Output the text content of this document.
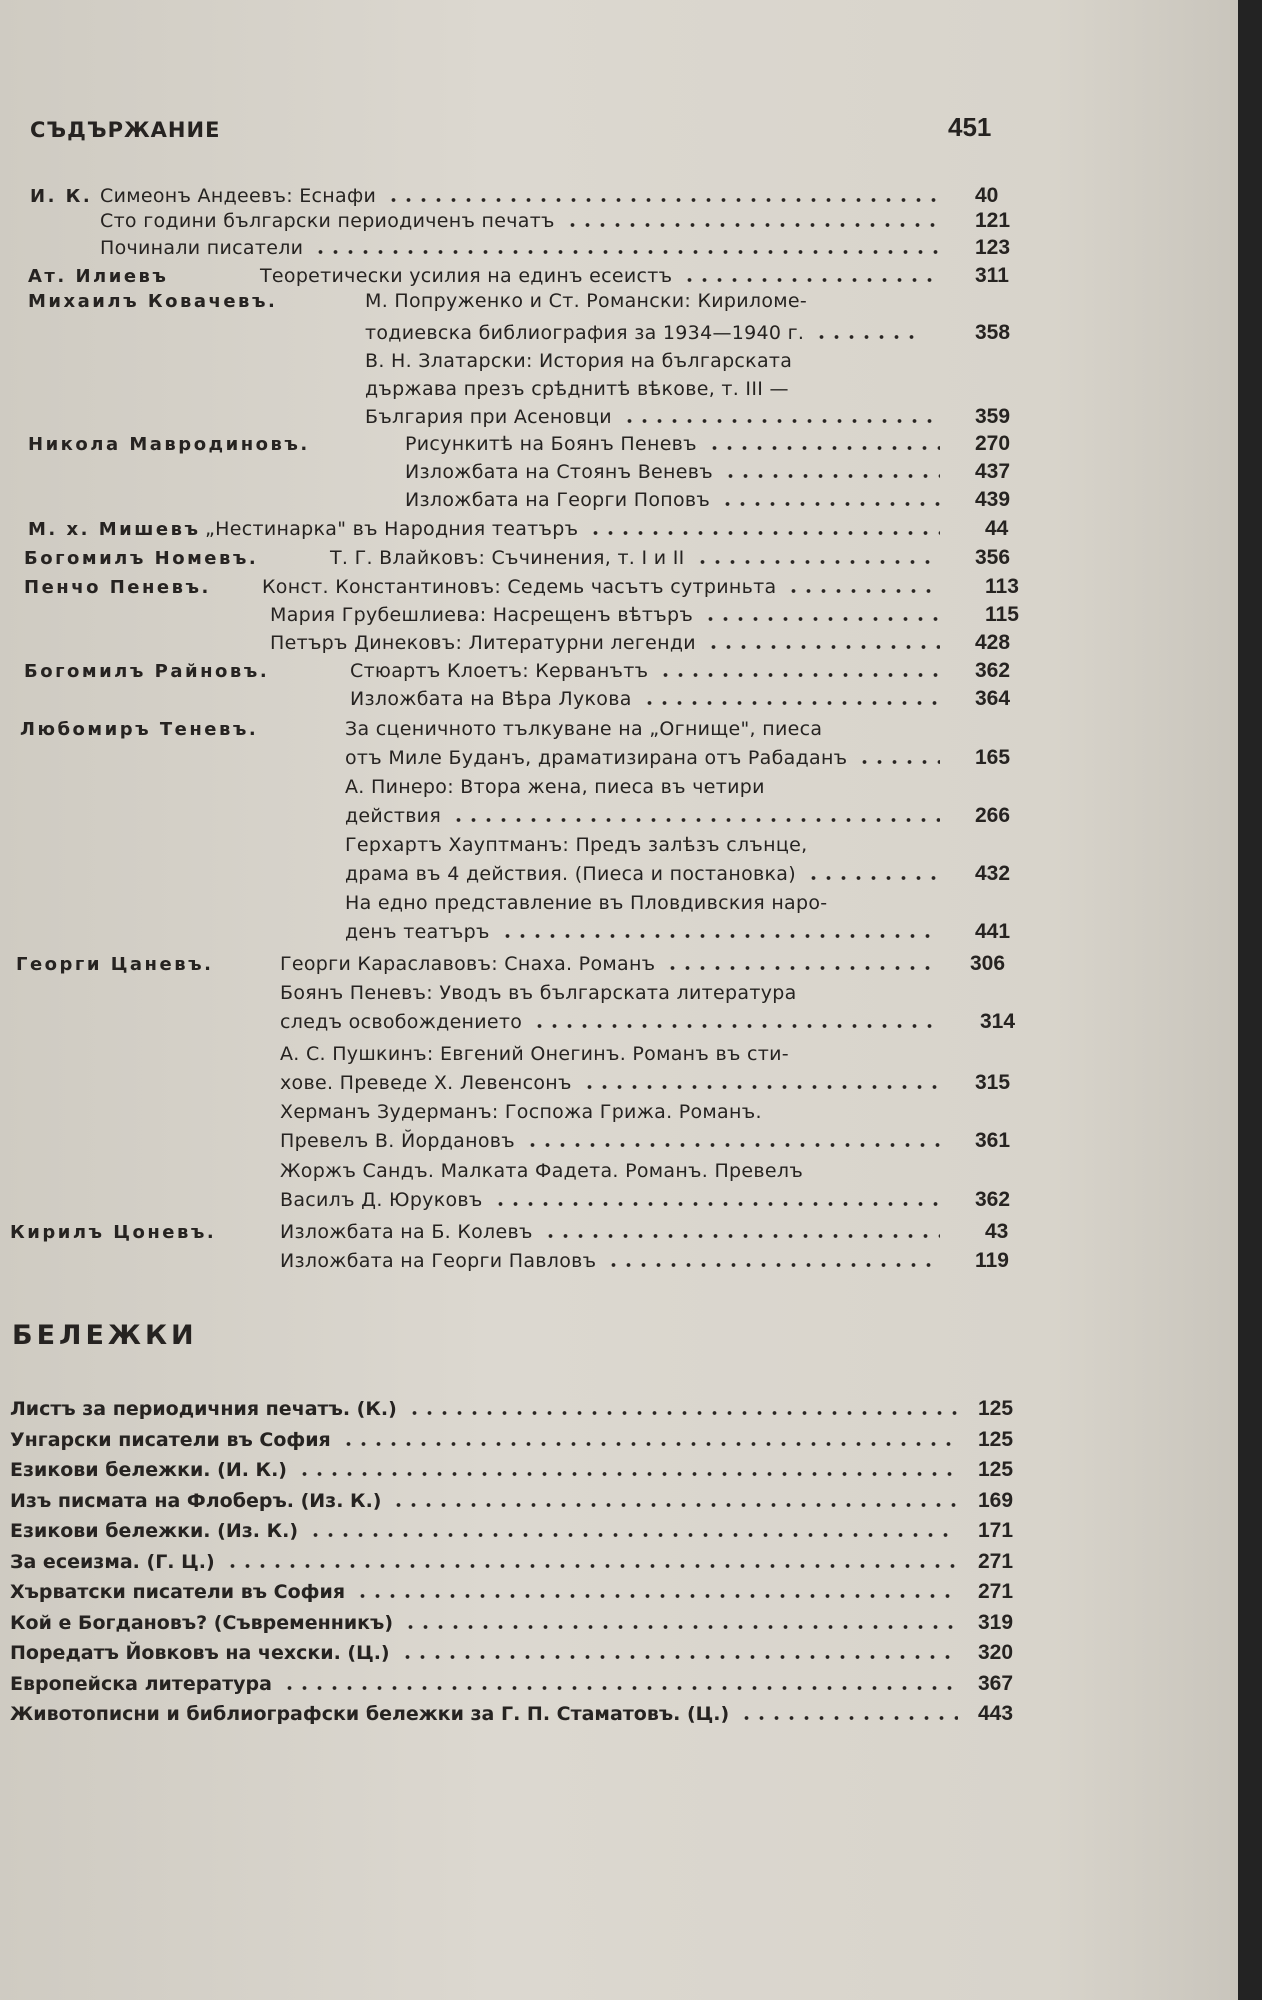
СЪДЪРЖАНИЕ	451
И. К. Симеонъ Андеевъ: Еснафи	40
Сто години български периодиченъ печатъ	121
Починали писатели	123
Ат. Илиевъ	Теоретически усилия на единъ есеистъ	311
Михаилъ Ковачевъ.	М. Попруженко и Ст. Романски: Кириломе-
тодиевска библиография за 1934—1940 г.	358
В. Н. Златарски: История на българската
държава презъ срѣднитѣ вѣкове, т. III —
България при Асеновци	359
Никола Мавродиновъ.	Рисункитѣ на Боянъ Пеневъ	270
Изложбата на Стоянъ Веневъ	437
Изложбата на Георги Поповъ	439
М. х. Мишевъ „Нестинарка" въ Народния театъръ	44
Богомилъ Номевъ.	Т. Г. Влайковъ: Съчинения, т. I и II	356
Пенчо Пеневъ.	Конст. Константиновъ: Седемь часътъ сутриньта	113
Мария Грубешлиева: Насрещенъ вѣтъръ	115
Петъръ Динековъ: Литературни легенди	428
Богомилъ Райновъ.	Стюартъ Клоетъ: Керванътъ	362
Изложбата на Вѣра Лукова	364
Любомиръ Теневъ.	За сценичното тълкуване на „Огнище", пиеса
отъ Миле Буданъ, драматизирана отъ Рабаданъ	165
А. Пинеро: Втора жена, пиеса въ четири
действия	266
Герхартъ Хауптманъ: Предъ залѣзъ слънце,
драма въ 4 действия. (Пиеса и постановка)	432
На едно представление въ Пловдивския наро-
денъ театъръ	441
Георги Цаневъ.	Георги Караславовъ: Снаха. Романъ	306
Боянъ Пеневъ: Уводъ въ българската литература
следъ освобождението	314
А. С. Пушкинъ: Евгений Онегинъ. Романъ въ сти-
хове. Преведе Х. Левенсонъ	315
Херманъ Зудерманъ: Госпожа Грижа. Романъ.
Превелъ В. Йордановъ	361
Жоржъ Сандъ. Малката Фадета. Романъ. Превелъ
Василъ Д. Юруковъ	362
Кирилъ Цоневъ.	Изложбата на Б. Колевъ	43
Изложбата на Георги Павловъ	119
БЕЛЕЖКИ
Листъ за периодичния печатъ. (К.)	125
Унгарски писатели въ София	125
Езикови бележки. (И. К.)	125
Изъ писмата на Флоберъ. (Из. К.)	169
Езикови бележки. (Из. К.)	171
За есеизма. (Г. Ц.)	271
Хърватски писатели въ София	271
Кой е Богдановъ? (Съвременникъ)	319
Поредатъ Йовковъ на чехски. (Ц.)	320
Европейска литература	367
Животописни и библиографски бележки за Г. П. Стаматовъ. (Ц.)	443
